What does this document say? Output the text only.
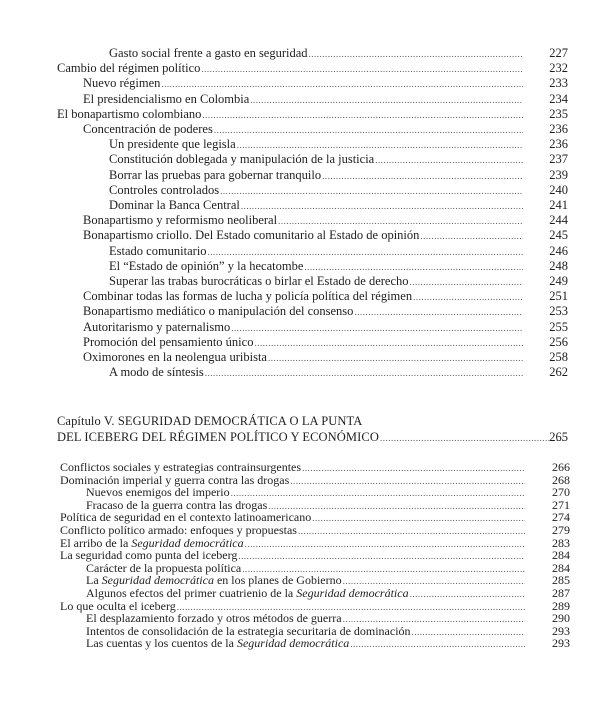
Gasto social frente a gasto en seguridad .....	227
Cambio del régimen político .....	232
Nuevo régimen .....	233
El presidencialismo en Colombia .....	234
El bonapartismo colombiano .....	235
Concentración de poderes .....	236
Un presidente que legisla .....	236
Constitución doblegada y manipulación de la justicia .....	237
Borrar las pruebas para gobernar tranquilo .....	239
Controles controlados .....	240
Dominar la Banca Central .....	241
Bonapartismo y reformismo neoliberal .....	244
Bonapartismo criollo. Del Estado comunitario al Estado de opinión .....	245
Estado comunitario .....	246
El “Estado de opinión” y la hecatombe .....	248
Superar las trabas burocráticas o birlar el Estado de derecho .....	249
Combinar todas las formas de lucha y policía política del régimen .....	251
Bonapartismo mediático o manipulación del consenso .....	253
Autoritarismo y paternalismo .....	255
Promoción del pensamiento único .....	256
Oximorones en la neolengua uribista .....	258
A modo de síntesis .....	262
Capítulo V. SEGURIDAD DEMOCRÁTICA O LA PUNTA
DEL ICEBERG DEL RÉGIMEN POLÍTICO Y ECONÓMICO .....	265
Conflictos sociales y estrategias contrainsurgentes .....	266
Dominación imperial y guerra contra las drogas .....	268
Nuevos enemigos del imperio .....	270
Fracaso de la guerra contra las drogas .....	271
Política de seguridad en el contexto latinoamericano .....	274
Conflicto político armado: enfoques y propuestas .....	279
El arribo de la Seguridad democrática .....	283
La seguridad como punta del iceberg .....	284
Carácter de la propuesta política .....	284
La Seguridad democrática en los planes de Gobierno .....	285
Algunos efectos del primer cuatrienio de la Seguridad democrática .....	287
Lo que oculta el iceberg .....	289
El desplazamiento forzado y otros métodos de guerra .....	290
Intentos de consolidación de la estrategia securitaria de dominación .....	293
Las cuentas y los cuentos de la Seguridad democrática .....	293
